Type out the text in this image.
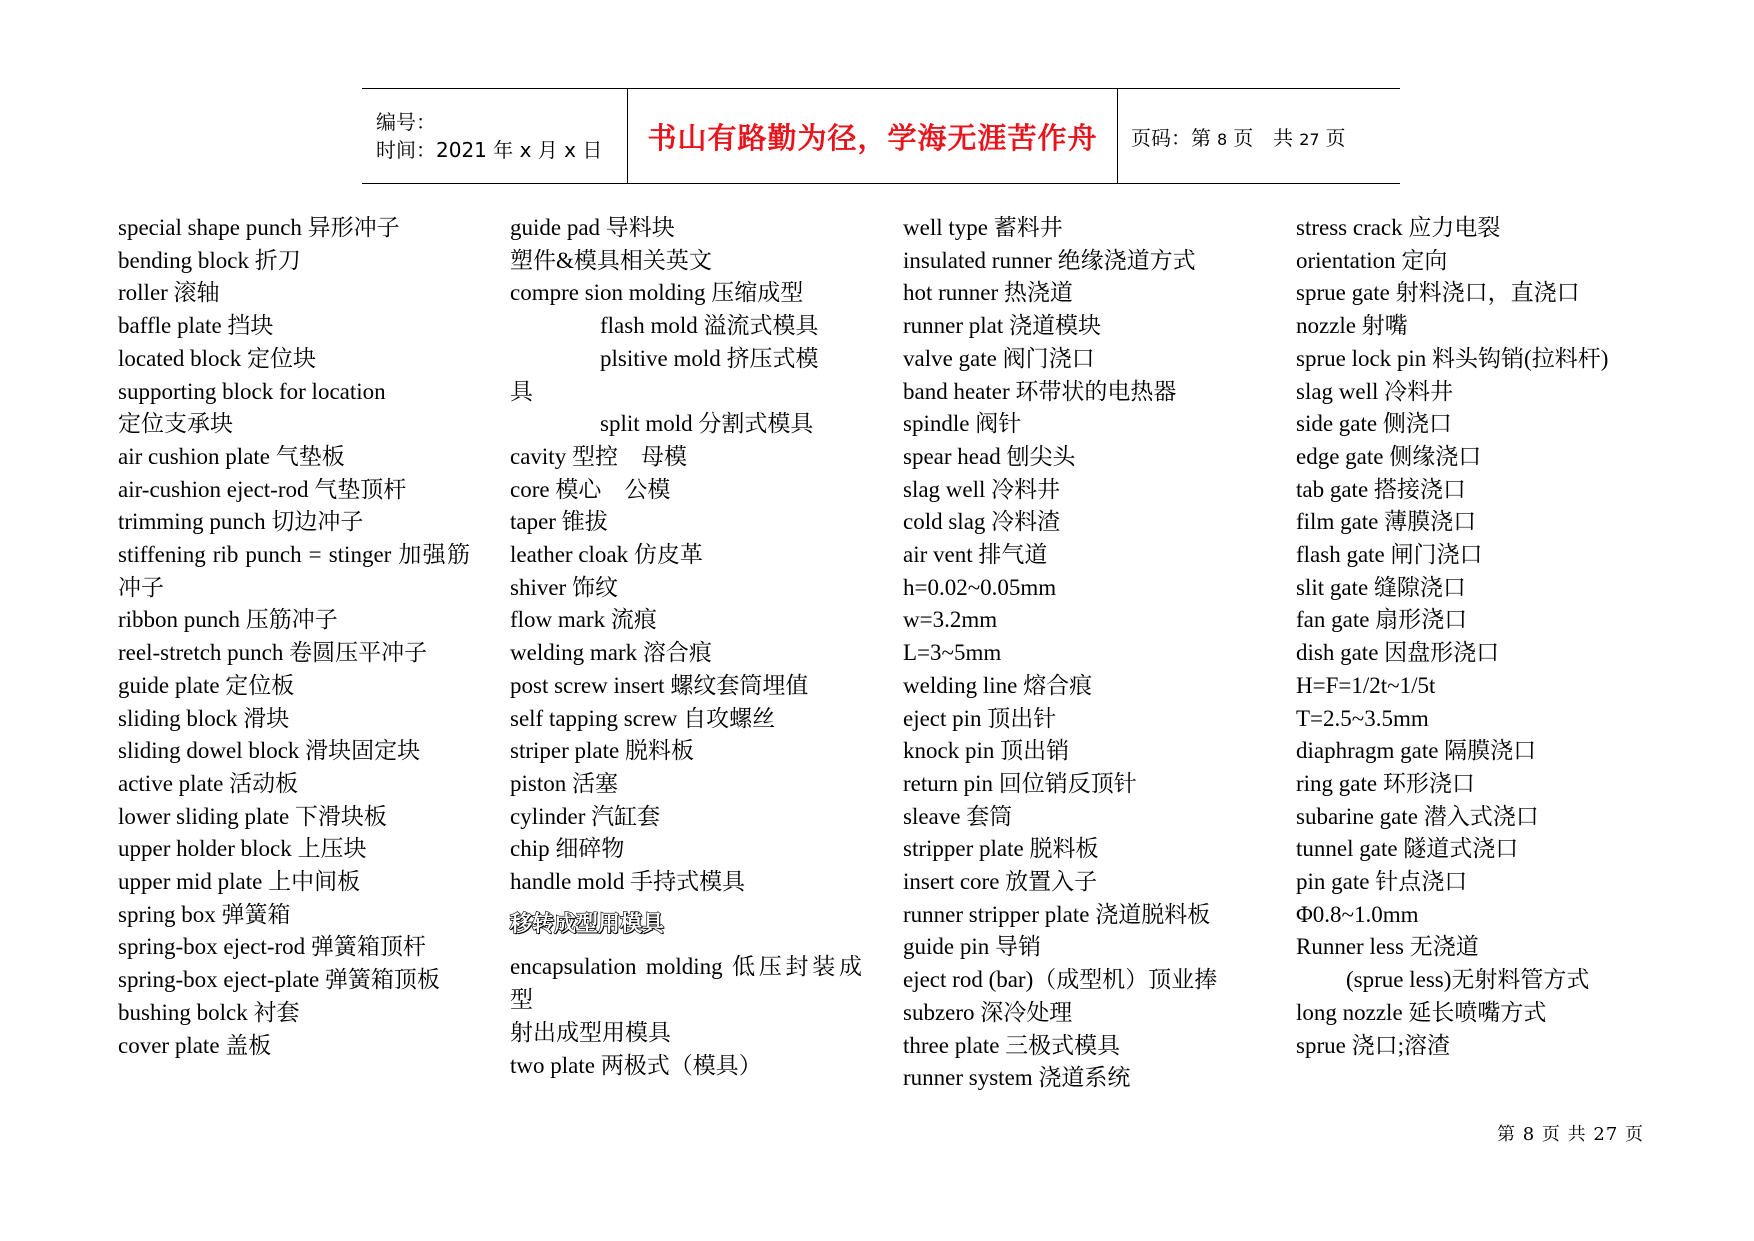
编号：
时间：2021 年 x 月 x 日	书山有路勤为径，学海无涯苦作舟 页码：第 8 页　共 27 页
special shape punch 异形冲子
bending block 折刀
roller 滚轴
baffle plate 挡块
located block 定位块
supporting block for location
定位支承块
air cushion plate 气垫板
air-cushion eject-rod 气垫顶杆
trimming punch 切边冲子
stiffening rib punch = stinger 加强筋冲子
ribbon punch 压筋冲子
reel-stretch punch 卷圆压平冲子
guide plate 定位板
sliding block 滑块
sliding dowel block 滑块固定块
active plate 活动板
lower sliding plate 下滑块板
upper holder block 上压块
upper mid plate 上中间板
spring box 弹簧箱
spring-box eject-rod 弹簧箱顶杆
spring-box eject-plate 弹簧箱顶板
bushing bolck 衬套
cover plate 盖板
guide pad 导料块
塑件&模具相关英文
compre sion molding 压缩成型
flash mold 溢流式模具
plsitive mold 挤压式模
具
split mold 分割式模具
cavity 型控　母模
core 模心　公模
taper 锥拔
leather cloak 仿皮革
shiver 饰纹
flow mark 流痕
welding mark 溶合痕
post screw insert 螺纹套筒埋值
self tapping screw 自攻螺丝
striper plate 脱料板
piston 活塞
cylinder 汽缸套
chip 细碎物
handle mold 手持式模具
移转成型用模具
encapsulation molding 低压封装成型
射出成型用模具
two plate 两极式（模具）
well type 蓄料井
insulated runner 绝缘浇道方式
hot runner 热浇道
runner plat 浇道模块
valve gate 阀门浇口
band heater 环带状的电热器
spindle 阀针
spear head 刨尖头
slag well 冷料井
cold slag 冷料渣
air vent 排气道
h=0.02~0.05mm
w=3.2mm
L=3~5mm
welding line 熔合痕
eject pin 顶出针
knock pin 顶出销
return pin 回位销反顶针
sleave 套筒
stripper plate 脱料板
insert core 放置入子
runner stripper plate 浇道脱料板
guide pin 导销
eject rod (bar)（成型机）顶业捧
subzero 深冷处理
three plate 三极式模具
runner system 浇道系统
stress crack 应力电裂
orientation 定向
sprue gate 射料浇口，直浇口
nozzle 射嘴
sprue lock pin 料头钩销(拉料杆)
slag well 冷料井
side gate 侧浇口
edge gate 侧缘浇口
tab gate 搭接浇口
film gate 薄膜浇口
flash gate 闸门浇口
slit gate 缝隙浇口
fan gate 扇形浇口
dish gate 因盘形浇口
H=F=1/2t~1/5t
T=2.5~3.5mm
diaphragm gate 隔膜浇口
ring gate 环形浇口
subarine gate 潜入式浇口
tunnel gate 隧道式浇口
pin gate 针点浇口
Φ0.8~1.0mm
Runner less 无浇道
(sprue less)无射料管方式
long nozzle 延长喷嘴方式
sprue 浇口;溶渣
第 8 页 共 27 页
